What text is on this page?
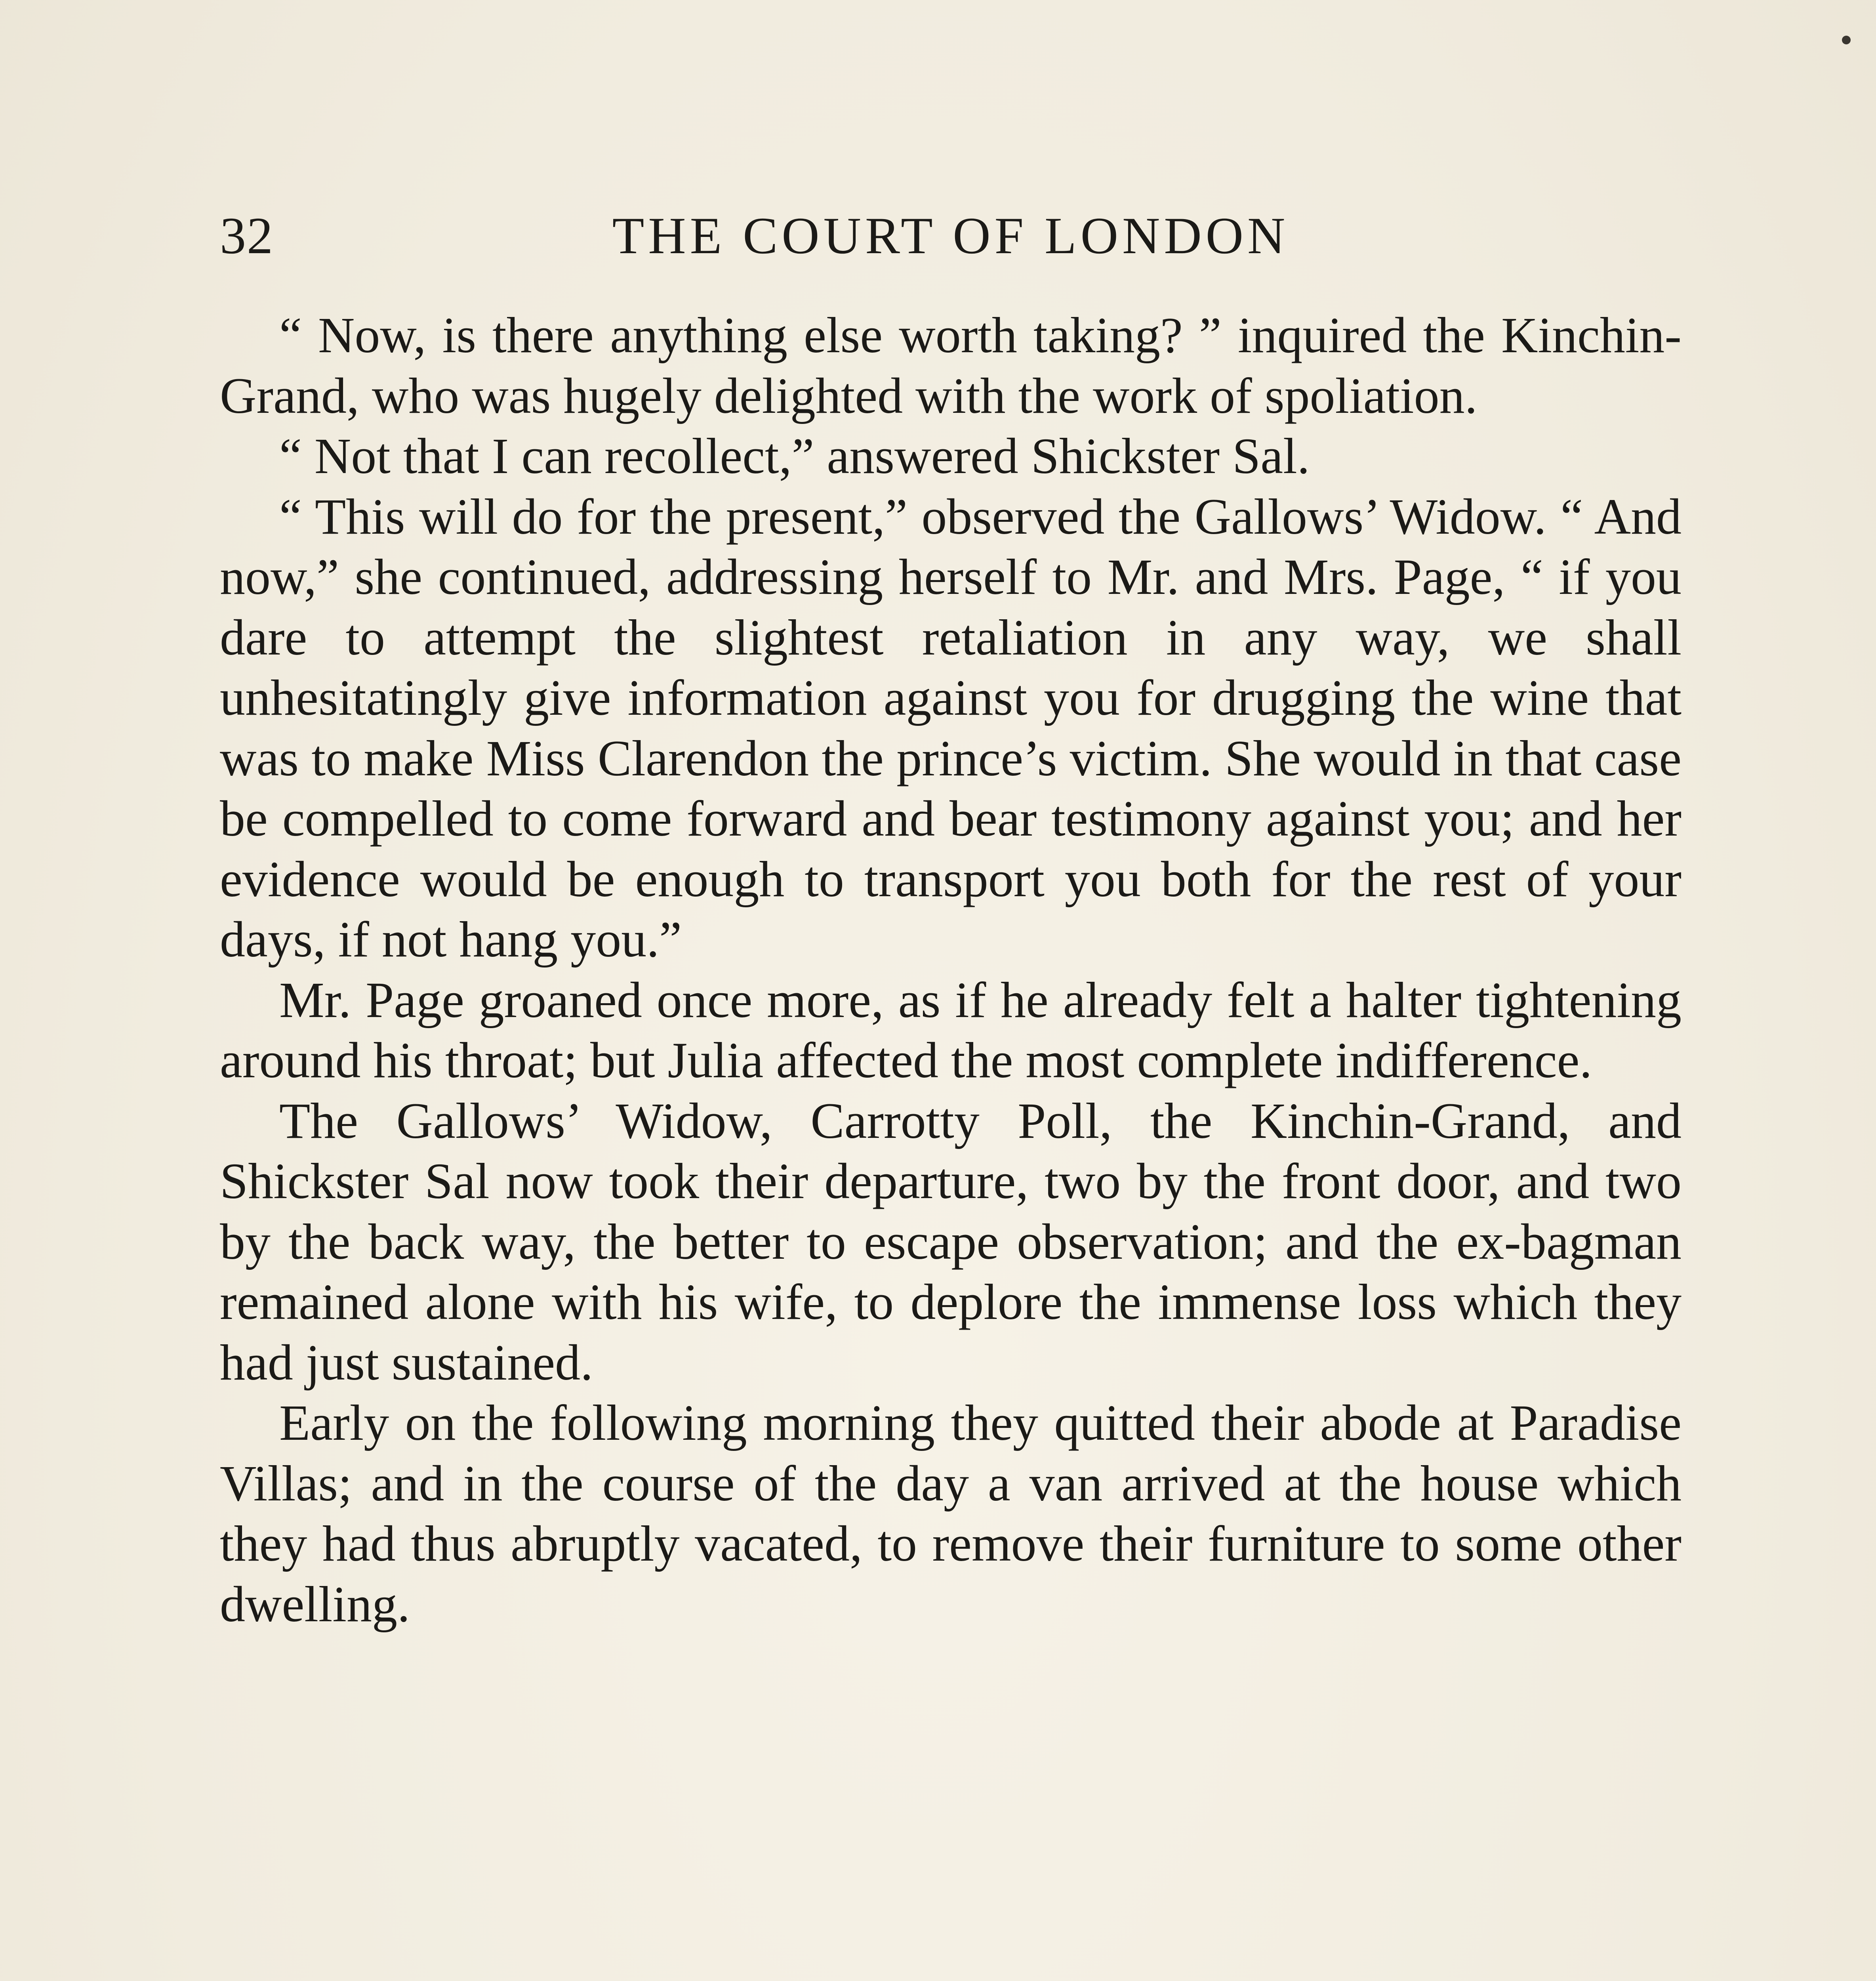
32	THE COURT OF LONDON

“ Now, is there anything else worth taking? ” inquired the Kinchin-Grand, who was hugely delighted with the work of spoliation.

“ Not that I can recollect,” answered Shickster Sal.

“ This will do for the present,” observed the Gallows’ Widow. “ And now,” she continued, addressing herself to Mr. and Mrs. Page, “ if you dare to attempt the slightest retaliation in any way, we shall unhesitatingly give information against you for drugging the wine that was to make Miss Clarendon the prince’s victim. She would in that case be compelled to come forward and bear testimony against you; and her evidence would be enough to transport you both for the rest of your days, if not hang you.”

Mr. Page groaned once more, as if he already felt a halter tightening around his throat; but Julia affected the most complete indifference.

The Gallows’ Widow, Carrotty Poll, the Kinchin-Grand, and Shickster Sal now took their departure, two by the front door, and two by the back way, the better to escape observation; and the ex-bagman remained alone with his wife, to deplore the immense loss which they had just sustained.

Early on the following morning they quitted their abode at Paradise Villas; and in the course of the day a van arrived at the house which they had thus abruptly vacated, to remove their furniture to some other dwelling.
